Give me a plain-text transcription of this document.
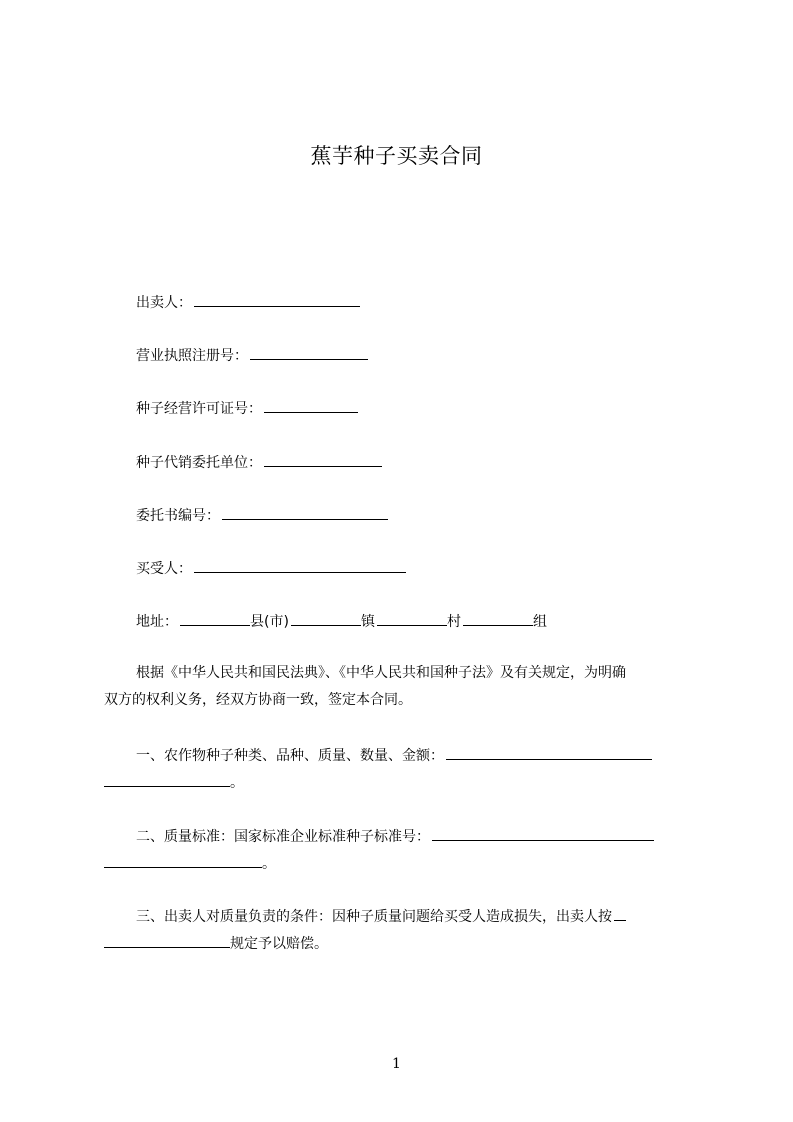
蕉芋种子买卖合同
出卖人：
营业执照注册号：
种子经营许可证号：
种子代销委托单位：
委托书编号：
买受人：
地址：	县(市)	镇	村	组
根据《中华人民共和国民法典》、《中华人民共和国种子法》及有关规定，为明确
双方的权利义务，经双方协商一致，签定本合同。
一、农作物种子种类、品种、质量、数量、金额：
。
二、质量标准：国家标准企业标准种子标准号：
。
三、出卖人对质量负责的条件：因种子质量问题给买受人造成损失，出卖人按
规定予以赔偿。
1
